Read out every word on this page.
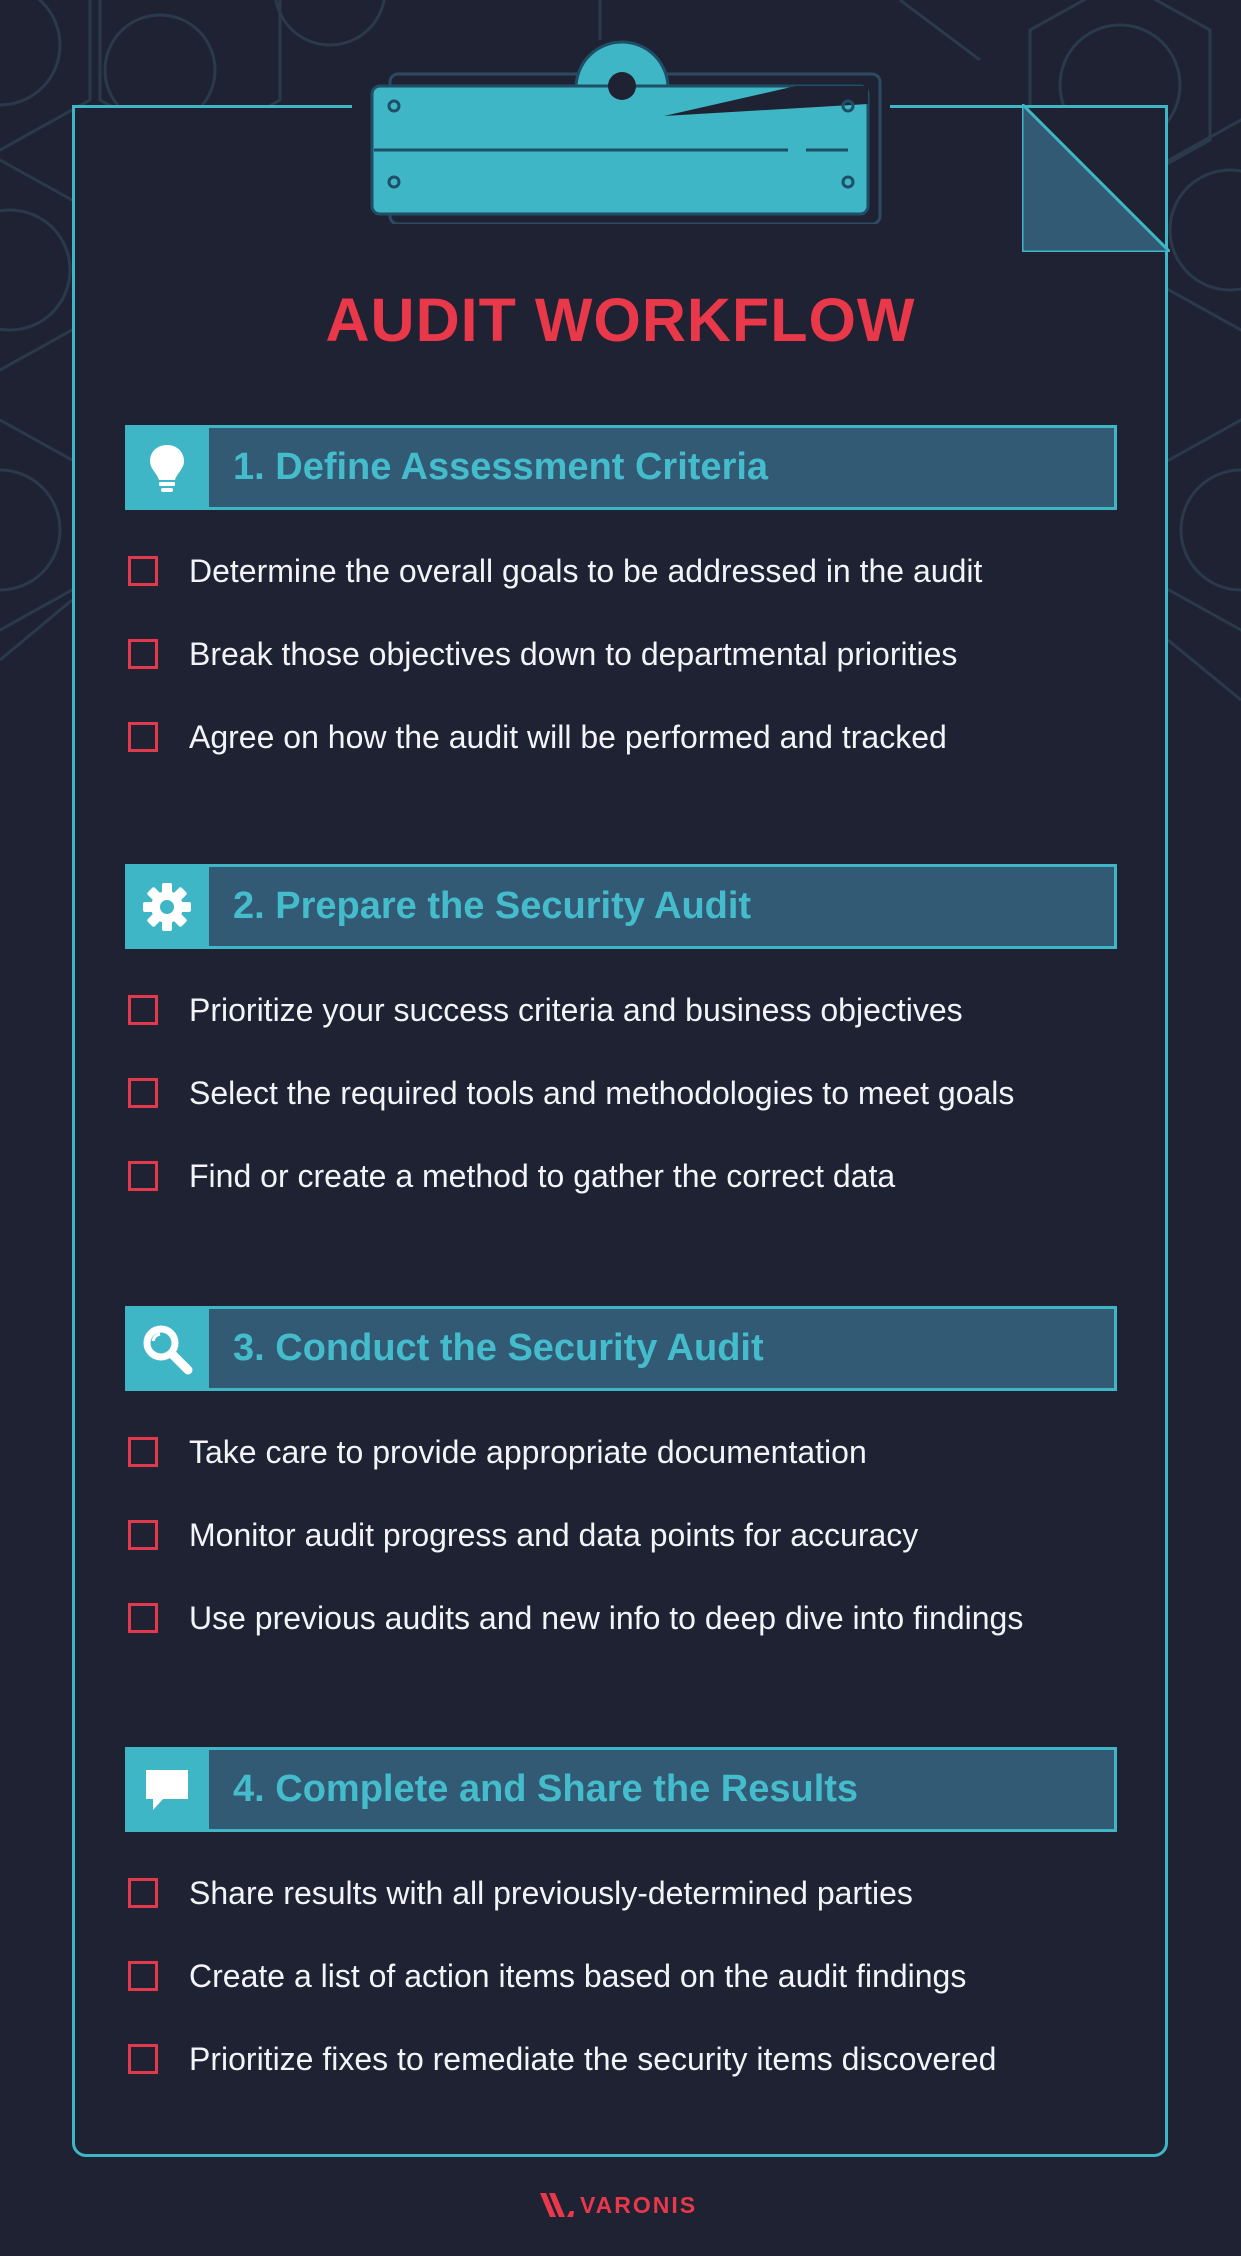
AUDIT WORKFLOW
1. Define Assessment Criteria
Determine the overall goals to be addressed in the audit
Break those objectives down to departmental priorities
Agree on how the audit will be performed and tracked
2. Prepare the Security Audit
Prioritize your success criteria and business objectives
Select the required tools and methodologies to meet goals
Find or create a method to gather the correct data
3. Conduct the Security Audit
Take care to provide appropriate documentation
Monitor audit progress and data points for accuracy
Use previous audits and new info to deep dive into findings
4. Complete and Share the Results
Share results with all previously-determined parties
Create a list of action items based on the audit findings
Prioritize fixes to remediate the security items discovered
VARONIS
